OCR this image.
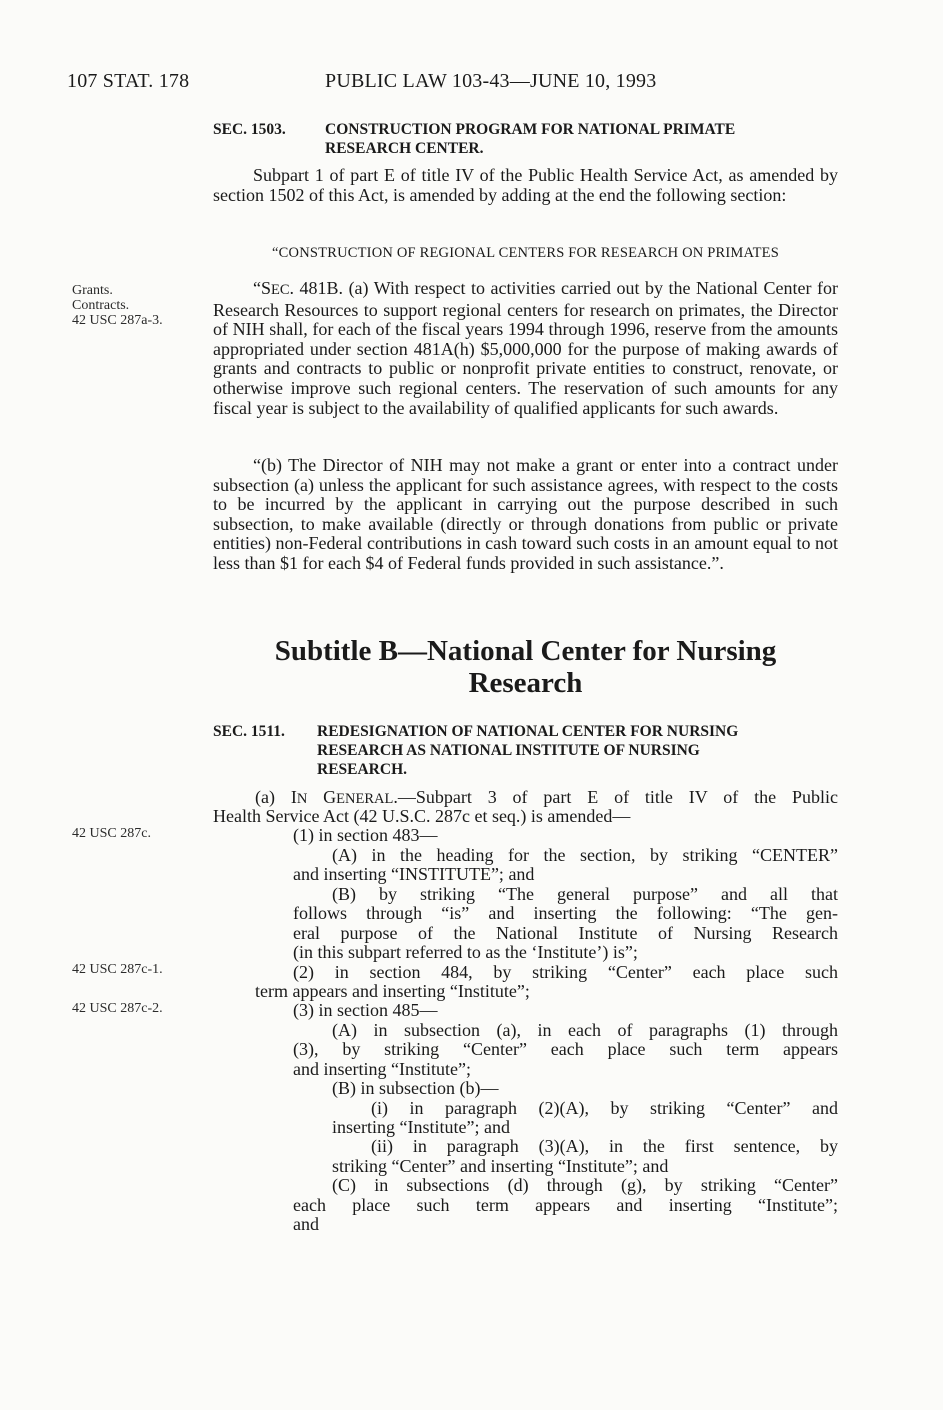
107 STAT. 178	PUBLIC LAW 103-43—JUNE 10, 1993
Grants.
Contracts.
42 USC 287a-3.
42 USC 287c.
42 USC 287c-1.
42 USC 287c-2.
SEC. 1503.	CONSTRUCTION PROGRAM FOR NATIONAL PRIMATE
RESEARCH CENTER.
Subpart 1 of part E of title IV of the Public Health Service Act, as amended by section 1502 of this Act, is amended by adding at the end the following section:
“CONSTRUCTION OF REGIONAL CENTERS FOR RESEARCH ON PRIMATES
“SEC. 481B. (a) With respect to activities carried out by the National Center for Research Resources to support regional centers for research on primates, the Director of NIH shall, for each of the fiscal years 1994 through 1996, reserve from the amounts appropriated under section 481A(h) $5,000,000 for the purpose of making awards of grants and contracts to public or nonprofit private entities to construct, renovate, or otherwise improve such regional centers. The reservation of such amounts for any fiscal year is subject to the availability of qualified applicants for such awards.
“(b) The Director of NIH may not make a grant or enter into a contract under subsection (a) unless the applicant for such assistance agrees, with respect to the costs to be incurred by the applicant in carrying out the purpose described in such subsection, to make available (directly or through donations from public or private entities) non-Federal contributions in cash toward such costs in an amount equal to not less than $1 for each $4 of Federal funds provided in such assistance.”.
Subtitle B—National Center for Nursing
Research
SEC. 1511. REDESIGNATION OF NATIONAL CENTER FOR NURSING
RESEARCH AS NATIONAL INSTITUTE OF NURSING
RESEARCH.
(a) IN GENERAL.—Subpart 3 of part E of title IV of the Public
Health Service Act (42 U.S.C. 287c et seq.) is amended—
(1) in section 483—
(A) in the heading for the section, by striking “CENTER”
and inserting “INSTITUTE”; and
(B) by striking “The general purpose” and all that
follows through “is” and inserting the following: “The gen-
eral purpose of the National Institute of Nursing Research
(in this subpart referred to as the ‘Institute’) is”;
(2) in section 484, by striking “Center” each place such
term appears and inserting “Institute”;
(3) in section 485—
(A) in subsection (a), in each of paragraphs (1) through
(3), by striking “Center” each place such term appears
and inserting “Institute”;
(B) in subsection (b)—
(i) in paragraph (2)(A), by striking “Center” and
inserting “Institute”; and
(ii) in paragraph (3)(A), in the first sentence, by
striking “Center” and inserting “Institute”; and
(C) in subsections (d) through (g), by striking “Center”
each place such term appears and inserting “Institute”;
and
